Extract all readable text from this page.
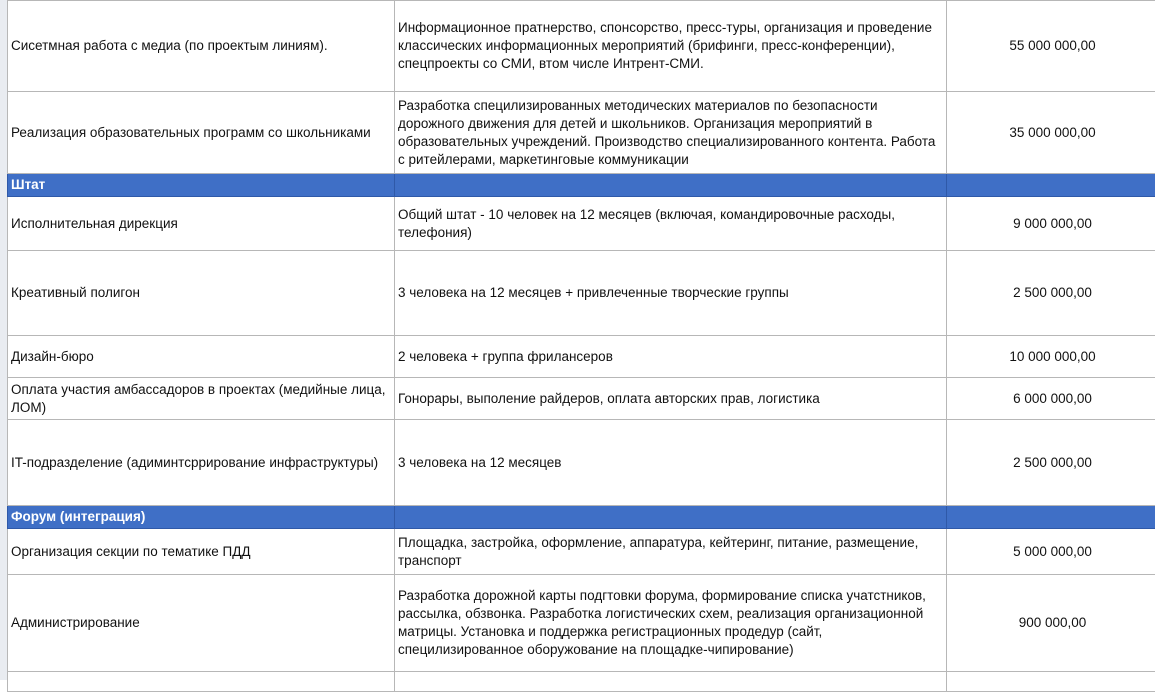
Сисетмная работа с медиа (по проектым линиям).	Информационное пратнерство, спонсорство, пресс-туры, организация и проведение классических информационных мероприятий (брифинги, пресс-конференции), спецпроекты со СМИ, втом числе Интрент-СМИ.	55 000 000,00	
Реализация образовательных программ со школьниками	Разработка специлизированных методических материалов по безопасности дорожного движения для детей и школьников. Организация мероприятий в образовательных учреждений. Производство специализированного контента. Работа с ритейлерами, маркетинговые коммуникации	35 000 000,00	
Штат			
Исполнительная дирекция	Общий штат - 10 человек на 12 месяцев (включая, командировочные расходы, телефония)	9 000 000,00	
Креативный полигон	3 человека на 12 месяцев + привлеченные творческие группы	2 500 000,00	
Дизайн-бюро	2 человека + группа фрилансеров	10 000 000,00	
Оплата участия амбассадоров в проектах (медийные лица, ЛОМ)	Гонорары, выполение райдеров, оплата авторских прав, логистика	6 000 000,00	
IT-подразделение (адиминтсррирование инфраструктуры)	3 человека на 12 месяцев	2 500 000,00	
Форум (интеграция)			
Организация секции по тематике ПДД	Площадка, застройка, оформление, аппаратура, кейтеринг, питание, размещение, транспорт	5 000 000,00	
Администрирование	Разработка дорожной карты подгтовки форума, формирование списка учатстников, рассылка, обзвонка. Разработка логистических схем, реализация организационной матрицы. Установка и поддержка регистрационных продедур (сайт, специлизированное оборужование на площадке-чипирование)	900 000,00	
